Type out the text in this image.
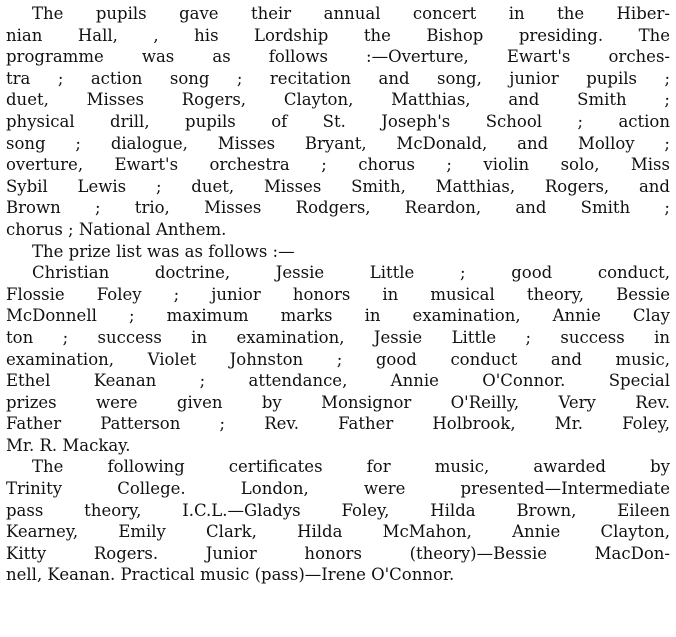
The pupils gave their annual concert in the Hiber-
nian Hall, , his Lordship the Bishop presiding. The
programme was as follows :—Overture, Ewart's orches-
tra ; action song ; recitation and song, junior pupils ;
duet, Misses Rogers, Clayton, Matthias, and Smith ;
physical drill, pupils of St. Joseph's School ; action
song ; dialogue, Misses Bryant, McDonald, and Molloy ;
overture, Ewart's orchestra ; chorus ; violin solo, Miss
Sybil Lewis ; duet, Misses Smith, Matthias, Rogers, and
Brown ; trio, Misses Rodgers, Reardon, and Smith ;
chorus ; National Anthem.
The prize list was as follows :—
Christian doctrine, Jessie Little ; good conduct,
Flossie Foley ; junior honors in musical theory, Bessie
McDonnell ; maximum marks in examination, Annie Clay
ton ; success in examination, Jessie Little ; success in
examination, Violet Johnston ; good conduct and music,
Ethel Keanan ; attendance, Annie O'Connor. Special
prizes were given by Monsignor O'Reilly, Very Rev.
Father Patterson ; Rev. Father Holbrook, Mr. Foley,
Mr. R. Mackay.
The following certificates for music, awarded by
Trinity College. London, were presented—Intermediate
pass theory, I.C.L.—Gladys Foley, Hilda Brown, Eileen
Kearney, Emily Clark, Hilda McMahon, Annie Clayton,
Kitty Rogers. Junior honors (theory)—Bessie MacDon-
nell, Keanan. Practical music (pass)—Irene O'Connor.
